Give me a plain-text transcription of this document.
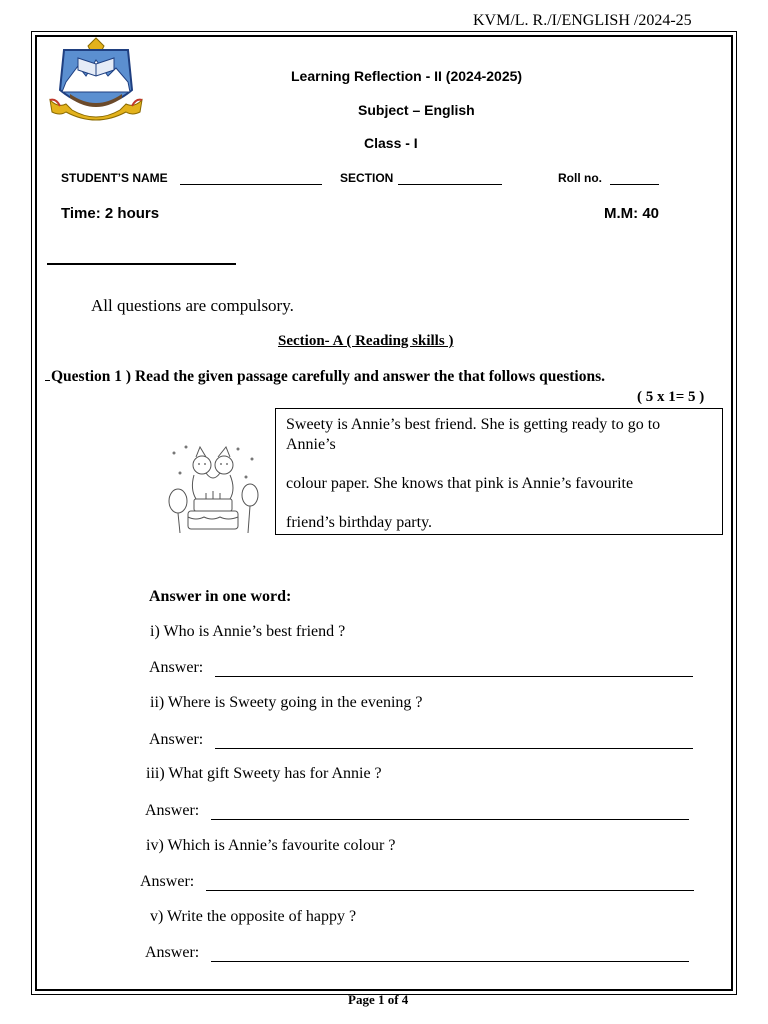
KVM/L. R./I/ENGLISH /2024-25
Learning Reflection - II (2024-2025)
Subject – English
Class - I
STUDENT’S NAME	SECTION	Roll no.
Time: 2 hours	M.M: 40
All questions are compulsory.
Section- A ( Reading skills )
Question 1 ) Read the given passage carefully and answer the that follows questions.
( 5 x 1= 5 )

Sweety is Annie’s best friend. She is getting ready to go to

Annie’s

colour paper. She knows that pink is Annie’s favourite

friend’s birthday party.

Answer in one word:
i) Who is Annie’s best friend ?
Answer:
ii) Where is Sweety going in the evening ?
Answer:
iii) What gift Sweety has for Annie ?
Answer:
iv) Which is Annie’s favourite colour ?
Answer:
v) Write the opposite of happy ?
Answer:
Page 1 of 4
